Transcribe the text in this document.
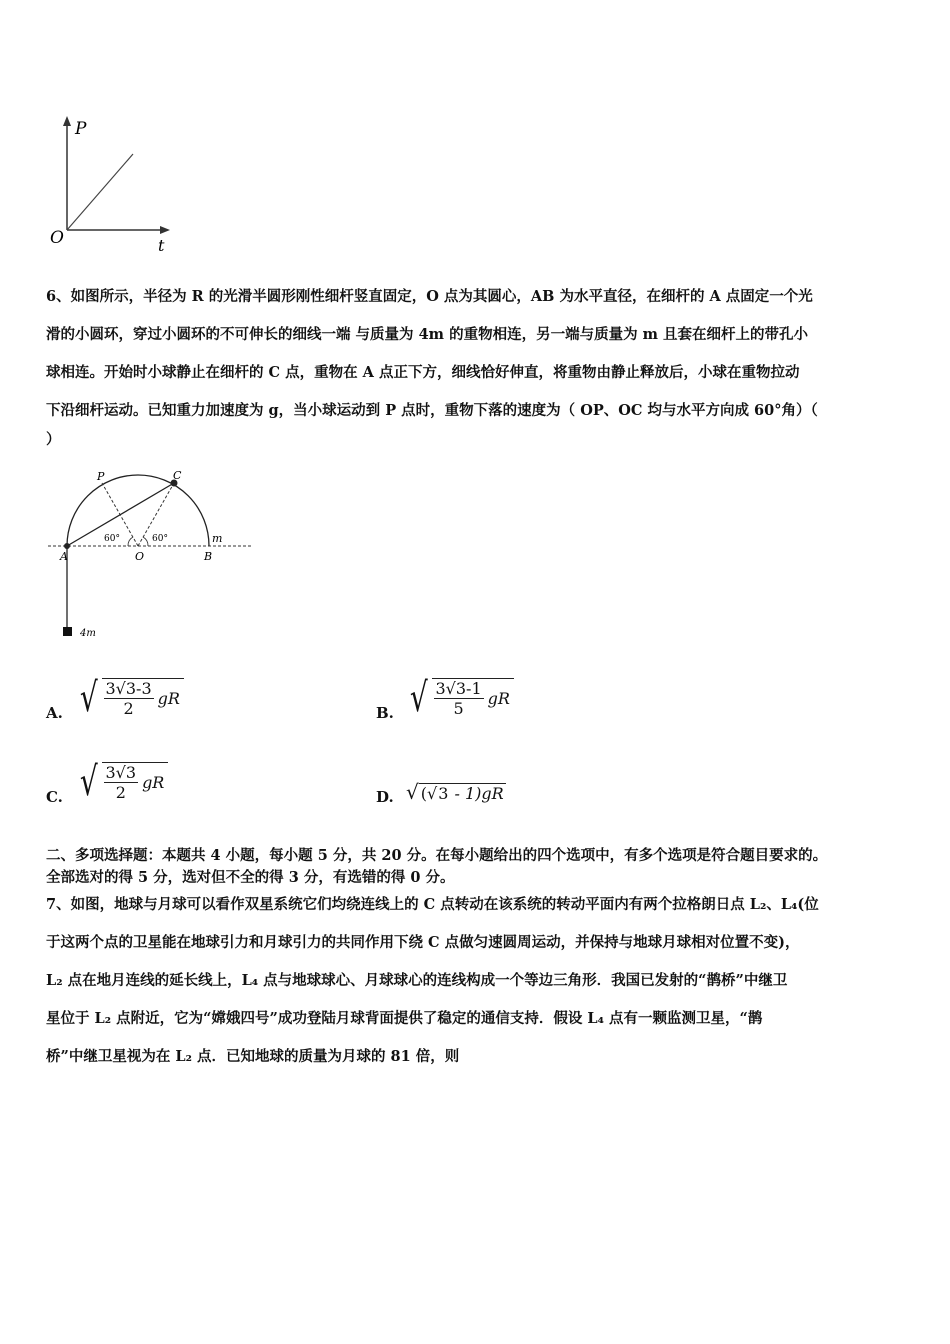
P
t
O
6、如图所示，半径为 R 的光滑半圆形刚性细杆竖直固定，O 点为其圆心，AB 为水平直径，在细杆的 A 点固定一个光
滑的小圆环，穿过小圆环的不可伸长的细线一端 与质量为 4m 的重物相连，另一端与质量为 m 且套在细杆上的带孔小
球相连。开始时小球静止在细杆的 C 点，重物在 A 点正下方，细线恰好伸直，将重物由静止释放后，小球在重物拉动
下沿细杆运动。已知重力加速度为 g，当小球运动到 P 点时，重物下落的速度为（ OP、OC 均与水平方向成 60°角）（
）
P	C
A	O	B
m
4m
60°	60°
A. √ $\frac{3√3-3}{2}$ gR
B. √ $\frac{3√3-1}{5}$ gR
C. √ $\frac{3√3}{2}$ gR
D. √ (√3 - 1)gR
二、多项选择题：本题共 4 小题，每小题 5 分，共 20 分。在每小题给出的四个选项中，有多个选项是符合题目要求的。
全部选对的得 5 分，选对但不全的得 3 分，有选错的得 0 分。
7、如图，地球与月球可以看作双星系统它们均绕连线上的 C 点转动在该系统的转动平面内有两个拉格朗日点 L₂、L₄(位
于这两个点的卫星能在地球引力和月球引力的共同作用下绕 C 点做匀速圆周运动，并保持与地球月球相对位置不变)，
L₂ 点在地月连线的延长线上，L₄ 点与地球球心、月球球心的连线构成一个等边三角形．我国已发射的“鹊桥”中继卫
星位于 L₂ 点附近，它为“嫦娥四号”成功登陆月球背面提供了稳定的通信支持．假设 L₄ 点有一颗监测卫星，“鹊
桥”中继卫星视为在 L₂ 点．已知地球的质量为月球的 81 倍，则
